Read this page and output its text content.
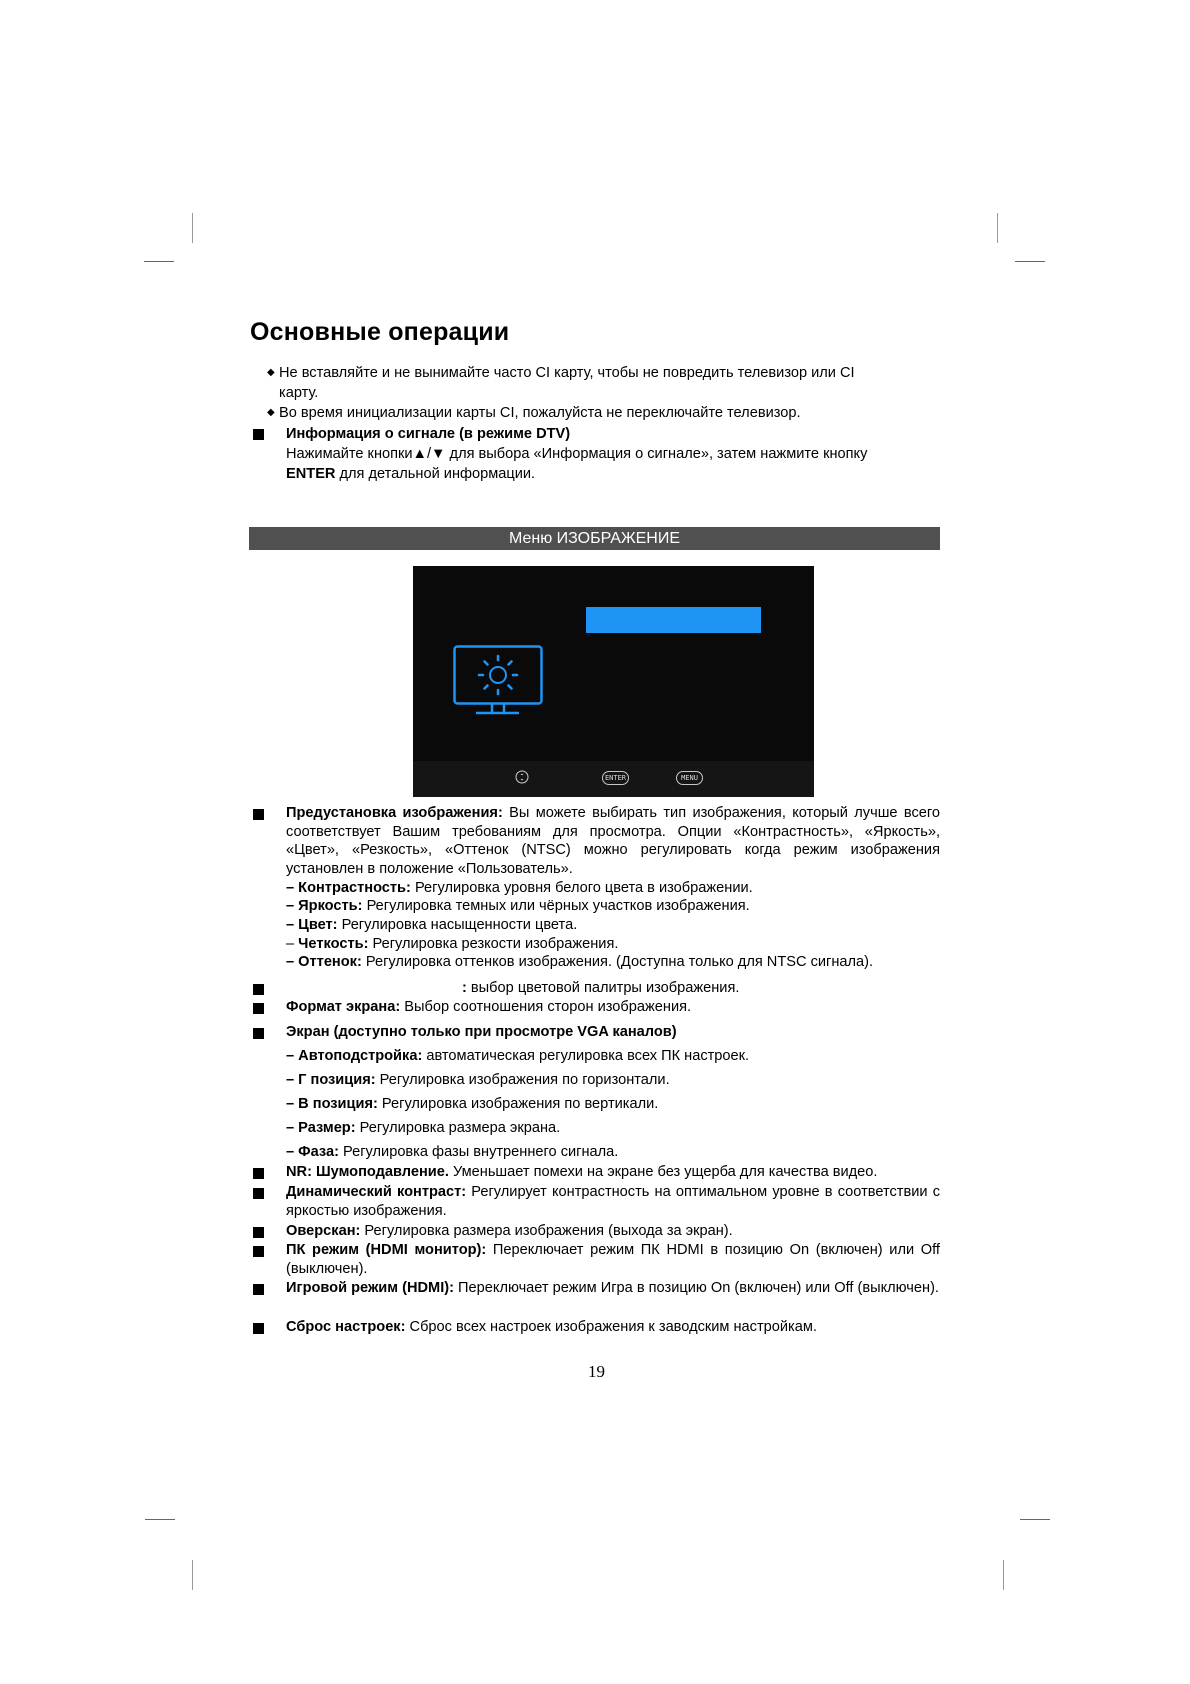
Основные операции
◆ Не вставляйте и не вынимайте часто CI карту, чтобы не повредить телевизор или CI
карту.
◆ Во время инициализации карты CI, пожалуйста не переключайте телевизор.
Информация о сигнале (в режиме DTV)
Нажимайте кнопки▲/▼ для выбора «Информация о сигнале», затем нажмите кнопку
ENTER для детальной информации.
Меню ИЗОБРАЖЕНИЕ
ENTER	MENU
Предустановка изображения: Вы можете выбирать тип изображения, который лучше всего соответствует Вашим требованиям для просмотра. Опции «Контрастность», «Яркость», «Цвет», «Резкость», «Оттенок (NTSC) можно регулировать когда режим изображения установлен в положение «Пользователь».
– Контрастность: Регулировка уровня белого цвета в изображении.
– Яркость: Регулировка темных или чёрных участков изображения.
– Цвет: Регулировка насыщенности цвета.
– Четкость: Регулировка резкости изображения.
– Оттенок: Регулировка оттенков изображения. (Доступна только для NTSC сигнала).
: выбор цветовой палитры изображения.
Формат экрана: Выбор соотношения сторон изображения.
Экран (доступно только при просмотре VGA каналов)
– Автоподстройка: автоматическая регулировка всех ПК настроек.
– Г позиция: Регулировка изображения по горизонтали.
– В позиция: Регулировка изображения по вертикали.
– Размер: Регулировка размера экрана.
– Фаза: Регулировка фазы внутреннего сигнала.
NR: Шумоподавление. Уменьшает помехи на экране без ущерба для качества видео.
Динамический контраст: Регулирует контрастность на оптимальном уровне в соответствии с яркостью изображения.
Оверскан: Регулировка размера изображения (выхода за экран).
ПК режим (HDMI монитор): Переключает режим ПК HDMI в позицию On (включен) или Off (выключен).
Игровой режим (HDMI): Переключает режим Игра в позицию On (включен) или Off (выключен).
Сброс настроек: Сброс всех настроек изображения к заводским настройкам.
19
